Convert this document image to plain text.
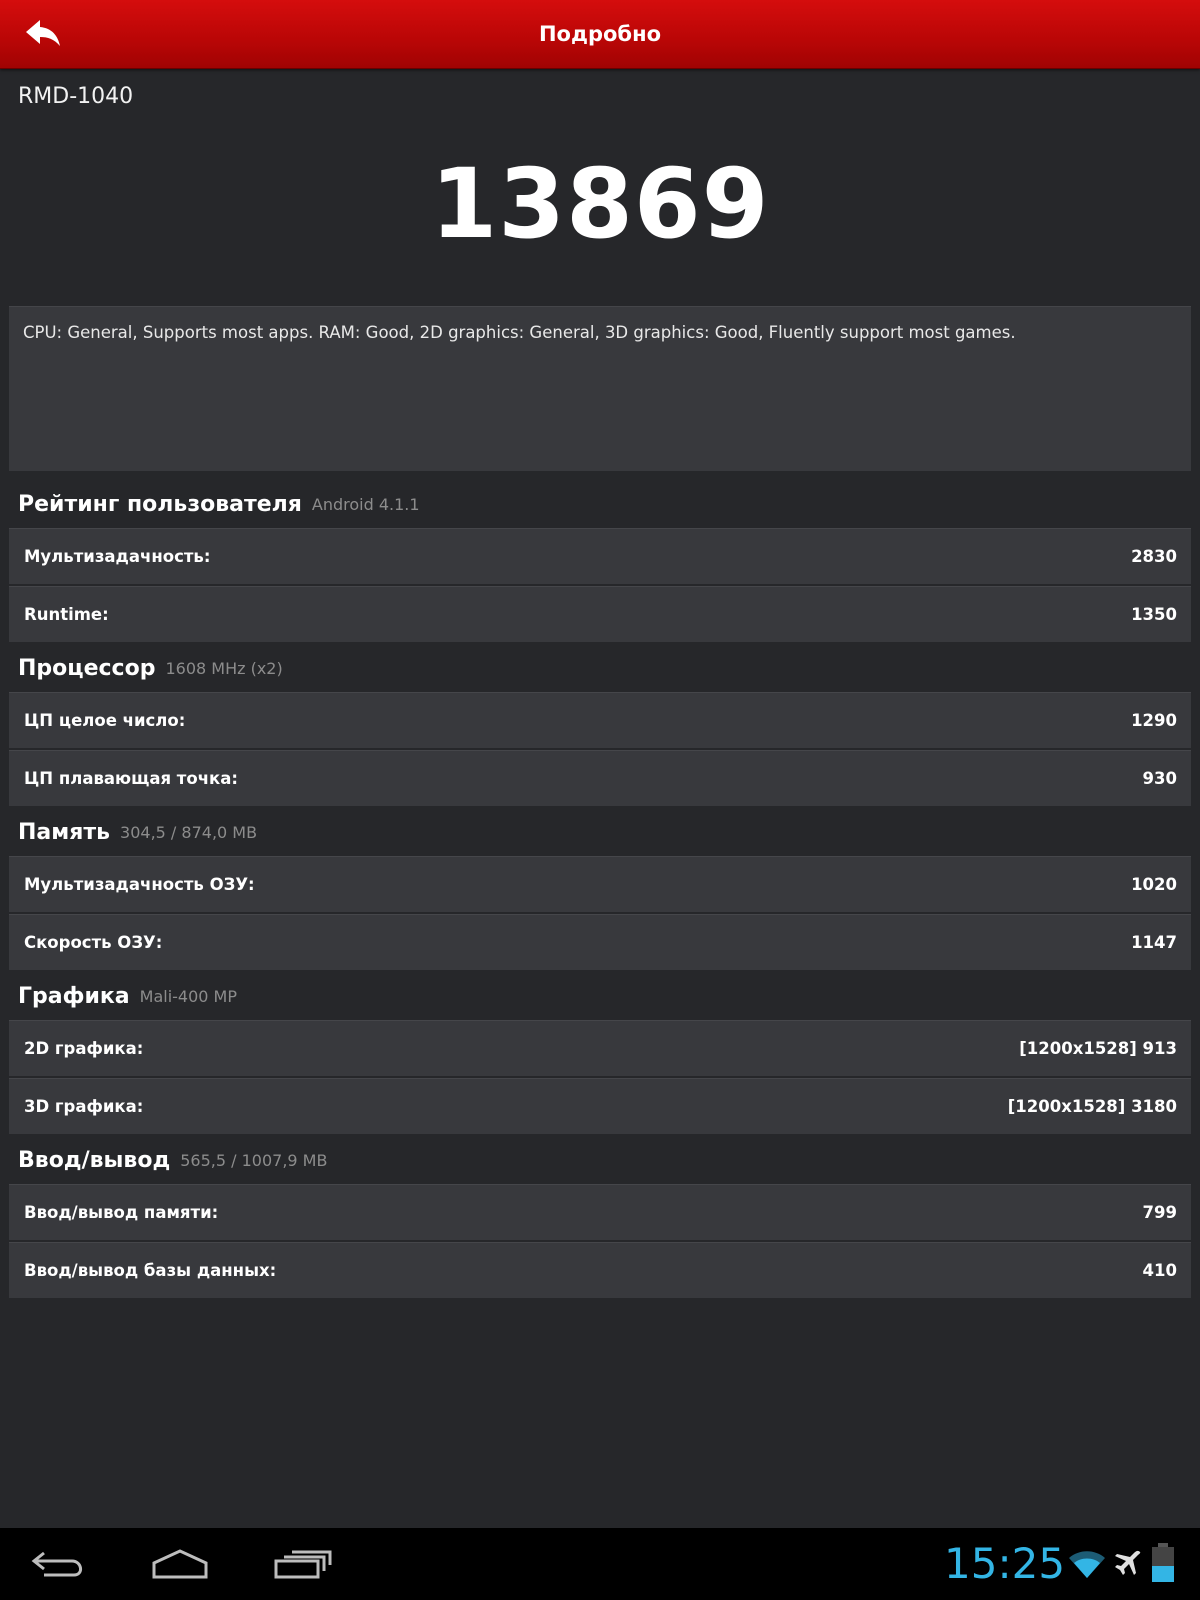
Подробно
RMD-1040
13869
CPU: General, Supports most apps. RAM: Good, 2D graphics: General, 3D graphics: Good, Fluently support most games.
Рейтинг пользователя Android 4.1.1
Мультизадачность:	2830
Runtime:	1350
Процессор 1608 MHz (x2)
ЦП целое число:	1290
ЦП плавающая точка:	930
Память 304,5 / 874,0 MB
Мультизадачность ОЗУ:	1020
Скорость ОЗУ:	1147
Графика Mali-400 MP
2D графика:	[1200x1528] 913
3D графика:	[1200x1528] 3180
Ввод/вывод 565,5 / 1007,9 MB
Ввод/вывод памяти:	799
Ввод/вывод базы данных:	410
15:25
